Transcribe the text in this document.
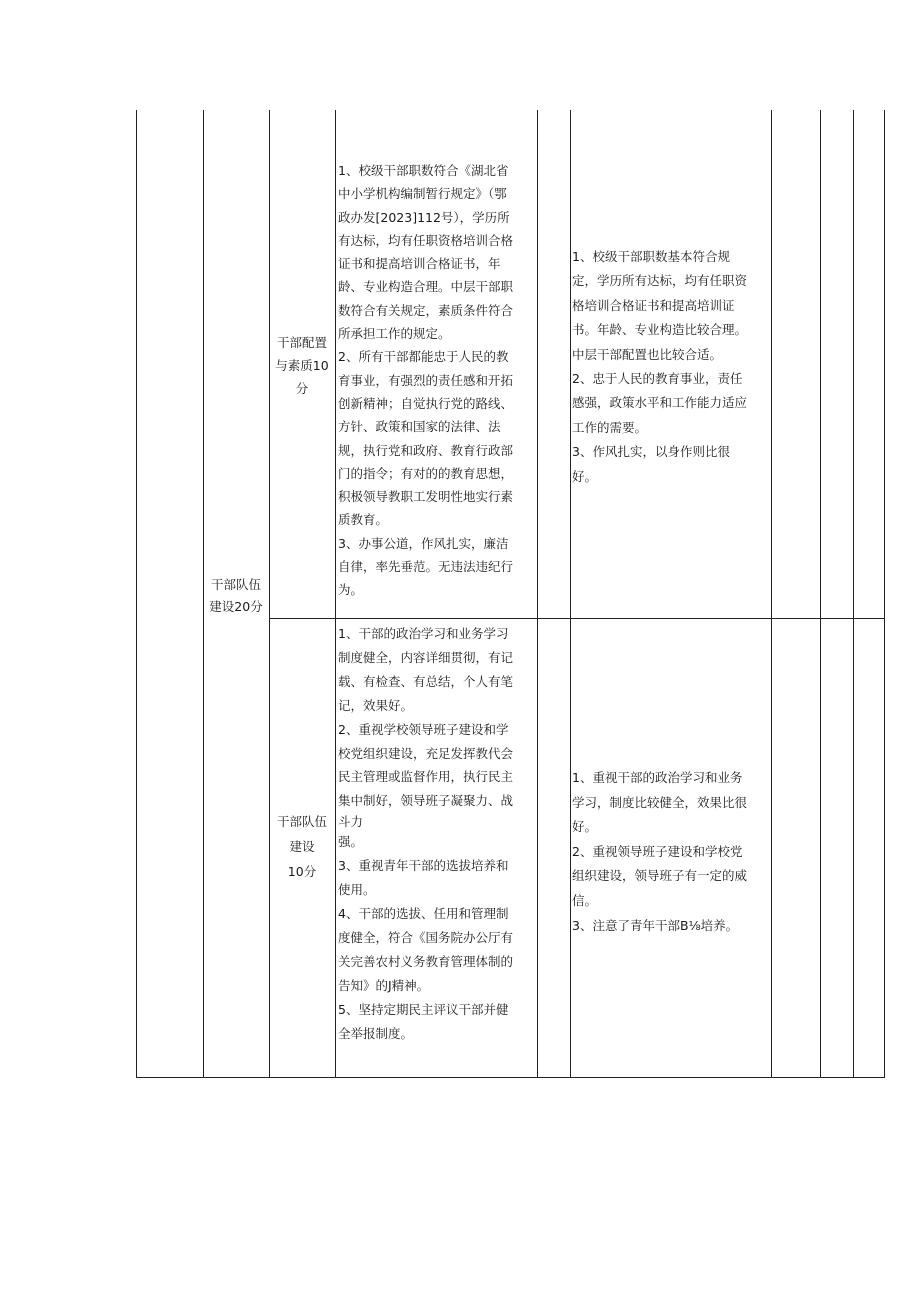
干部队伍

建设20分

干部配置

与素质10

分

1、校级干部职数符合《湖北省

中小学机构编制暂行规定》（鄂

政办发[2023]112号），学历所

有达标，均有任职资格培训合格

证书和提高培训合格证书，年

龄、专业构造合理。中层干部职

数符合有关规定，素质条件符合

所承担工作的规定。

2、所有干部都能忠于人民的教

育事业，有强烈的责任感和开拓

创新精神；自觉执行党的路线、

方针、政策和国家的法律、法

规，执行党和政府、教育行政部

门的指令；有对的的教育思想，

积极领导教职工发明性地实行素

质教育。

3、办事公道，作风扎实，廉洁

自律，率先垂范。无违法违纪行

为。

1、校级干部职数基本符合规

定，学历所有达标，均有任职资

格培训合格证书和提高培训证

书。年龄、专业构造比较合理。

中层干部配置也比较合适。

2、忠于人民的教育事业，责任

感强，政策水平和工作能力适应

工作的需要。

3、作风扎实，以身作则比很

好。

干部队伍

建设

10分

1、干部的政治学习和业务学习

制度健全，内容详细贯彻，有记

载、有检查、有总结，个人有笔

记，效果好。

2、重视学校领导班子建设和学

校党组织建设，充足发挥教代会

民主管理或监督作用，执行民主

集中制好，领导班子凝聚力、战

斗力

强。

3、重视青年干部的选拔培养和

使用。

4、干部的选拔、任用和管理制

度健全，符合《国务院办公厅有

关完善农村义务教育管理体制的

告知》的J精神。

5、坚持定期民主评议干部并健

全举报制度。

1、重视干部的政治学习和业务

学习，制度比较健全，效果比很

好。

2、重视领导班子建设和学校党

组织建设，领导班子有一定的威

信。

3、注意了青年干部B⅛培养。
